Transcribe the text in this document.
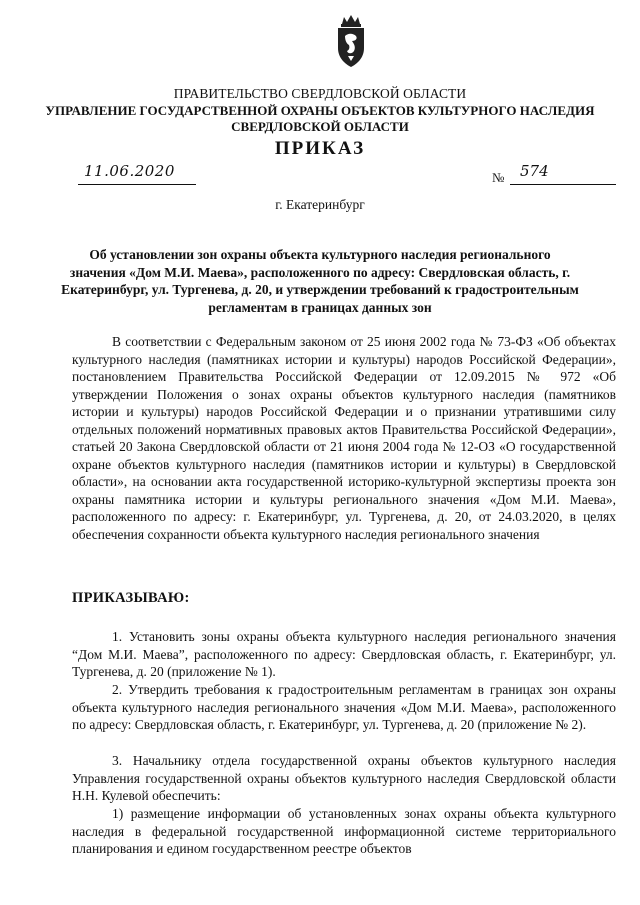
ПРАВИТЕЛЬСТВО СВЕРДЛОВСКОЙ ОБЛАСТИ
УПРАВЛЕНИЕ ГОСУДАРСТВЕННОЙ ОХРАНЫ ОБЪЕКТОВ КУЛЬТУРНОГО НАСЛЕДИЯ СВЕРДЛОВСКОЙ ОБЛАСТИ
ПРИКАЗ
11.06.2020	№ 574
г. Екатеринбург
Об установлении зон охраны объекта культурного наследия регионального значения «Дом М.И. Маева», расположенного по адресу: Свердловская область, г. Екатеринбург, ул. Тургенева, д. 20, и утверждении требований к градостроительным регламентам в границах данных зон

В соответствии с Федеральным законом от 25 июня 2002 года № 73-ФЗ «Об объектах культурного наследия (памятниках истории и культуры) народов Российской Федерации», постановлением Правительства Российской Федерации от 12.09.2015 № 972 «Об утверждении Положения о зонах охраны объектов культурного наследия (памятников истории и культуры) народов Российской Федерации и о признании утратившими силу отдельных положений нормативных правовых актов Правительства Российской Федерации», статьей 20 Закона Свердловской области от 21 июня 2004 года № 12-ОЗ «О государственной охране объектов культурного наследия (памятников истории и культуры) в Свердловской области», на основании акта государственной историко-культурной экспертизы проекта зон охраны памятника истории и культуры регионального значения «Дом М.И. Маева», расположенного по адресу: г. Екатеринбург, ул. Тургенева, д. 20, от 24.03.2020, в целях обеспечения сохранности объекта культурного наследия регионального значения

ПРИКАЗЫВАЮ:

1. Установить зоны охраны объекта культурного наследия регионального значения “Дом М.И. Маева”, расположенного по адресу: Свердловская область, г. Екатеринбург, ул. Тургенева, д. 20 (приложение № 1).

2. Утвердить требования к градостроительным регламентам в границах зон охраны объекта культурного наследия регионального значения «Дом М.И. Маева», расположенного по адресу: Свердловская область, г. Екатеринбург, ул. Тургенева, д. 20 (приложение № 2).

3. Начальнику отдела государственной охраны объектов культурного наследия Управления государственной охраны объектов культурного наследия Свердловской области Н.Н. Кулевой обеспечить:

1) размещение информации об установленных зонах охраны объекта культурного наследия в федеральной государственной информационной системе территориального планирования и едином государственном реестре объектов
